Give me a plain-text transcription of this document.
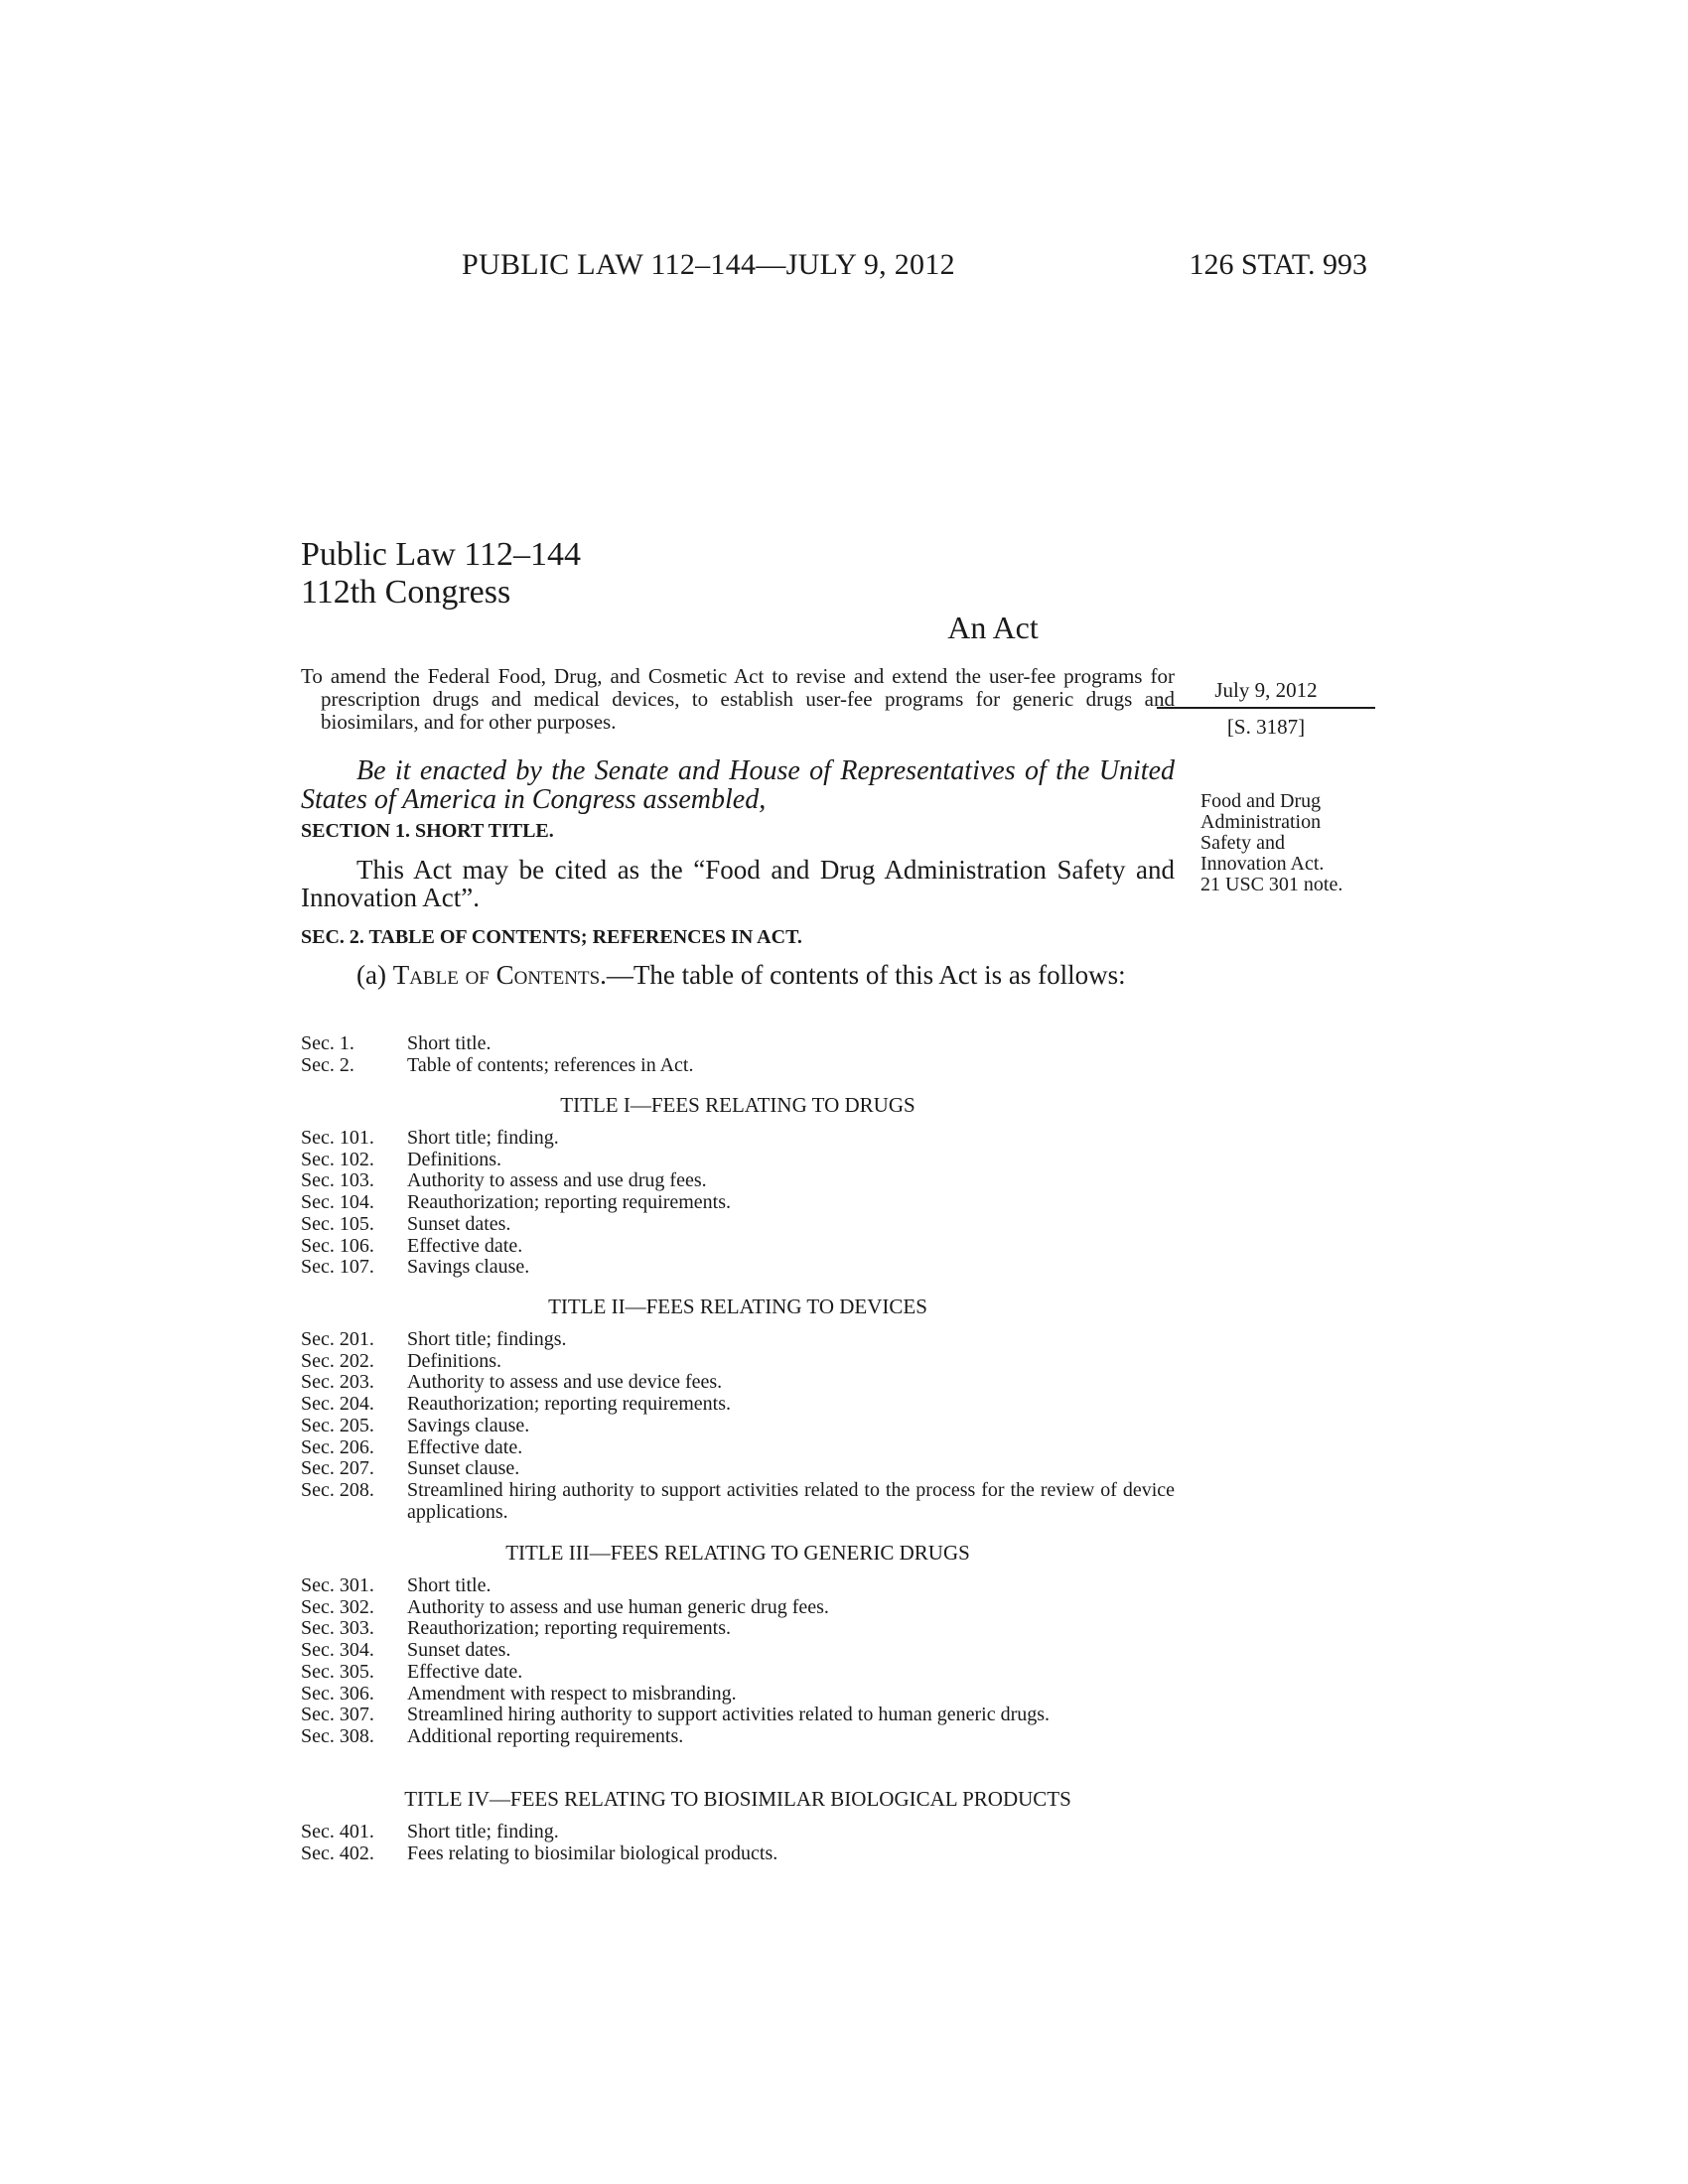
PUBLIC LAW 112–144—JULY 9, 2012	126 STAT. 993
Public Law 112–144
112th Congress
An Act

To amend the Federal Food, Drug, and Cosmetic Act to revise and extend the user-fee programs for prescription drugs and medical devices, to establish user-fee programs for generic drugs and biosimilars, and for other purposes.

July 9, 2012
[S. 3187]
Be it enacted by the Senate and House of Representatives of the United States of America in Congress assembled,	Food and Drug
Administration
Safety and
Innovation Act.
21 USC 301 note.
SECTION 1. SHORT TITLE.
This Act may be cited as the “Food and Drug Administration Safety and Innovation Act”.
SEC. 2. TABLE OF CONTENTS; REFERENCES IN ACT.
(a) Table of Contents.—The table of contents of this Act is as follows:
Sec. 1.	Short title.
Sec. 2.	Table of contents; references in Act.
TITLE I—FEES RELATING TO DRUGS
Sec. 101.	Short title; finding.
Sec. 102.	Definitions.
Sec. 103.	Authority to assess and use drug fees.
Sec. 104.	Reauthorization; reporting requirements.
Sec. 105.	Sunset dates.
Sec. 106.	Effective date.
Sec. 107.	Savings clause.
TITLE II—FEES RELATING TO DEVICES
Sec. 201.	Short title; findings.
Sec. 202.	Definitions.
Sec. 203.	Authority to assess and use device fees.
Sec. 204.	Reauthorization; reporting requirements.
Sec. 205.	Savings clause.
Sec. 206.	Effective date.
Sec. 207.	Sunset clause.
Sec. 208.	Streamlined hiring authority to support activities related to the process for the review of device applications.
TITLE III—FEES RELATING TO GENERIC DRUGS
Sec. 301.	Short title.
Sec. 302.	Authority to assess and use human generic drug fees.
Sec. 303.	Reauthorization; reporting requirements.
Sec. 304.	Sunset dates.
Sec. 305.	Effective date.
Sec. 306.	Amendment with respect to misbranding.
Sec. 307.	Streamlined hiring authority to support activities related to human generic drugs.
Sec. 308.	Additional reporting requirements.
TITLE IV—FEES RELATING TO BIOSIMILAR BIOLOGICAL PRODUCTS
Sec. 401.	Short title; finding.
Sec. 402.	Fees relating to biosimilar biological products.
